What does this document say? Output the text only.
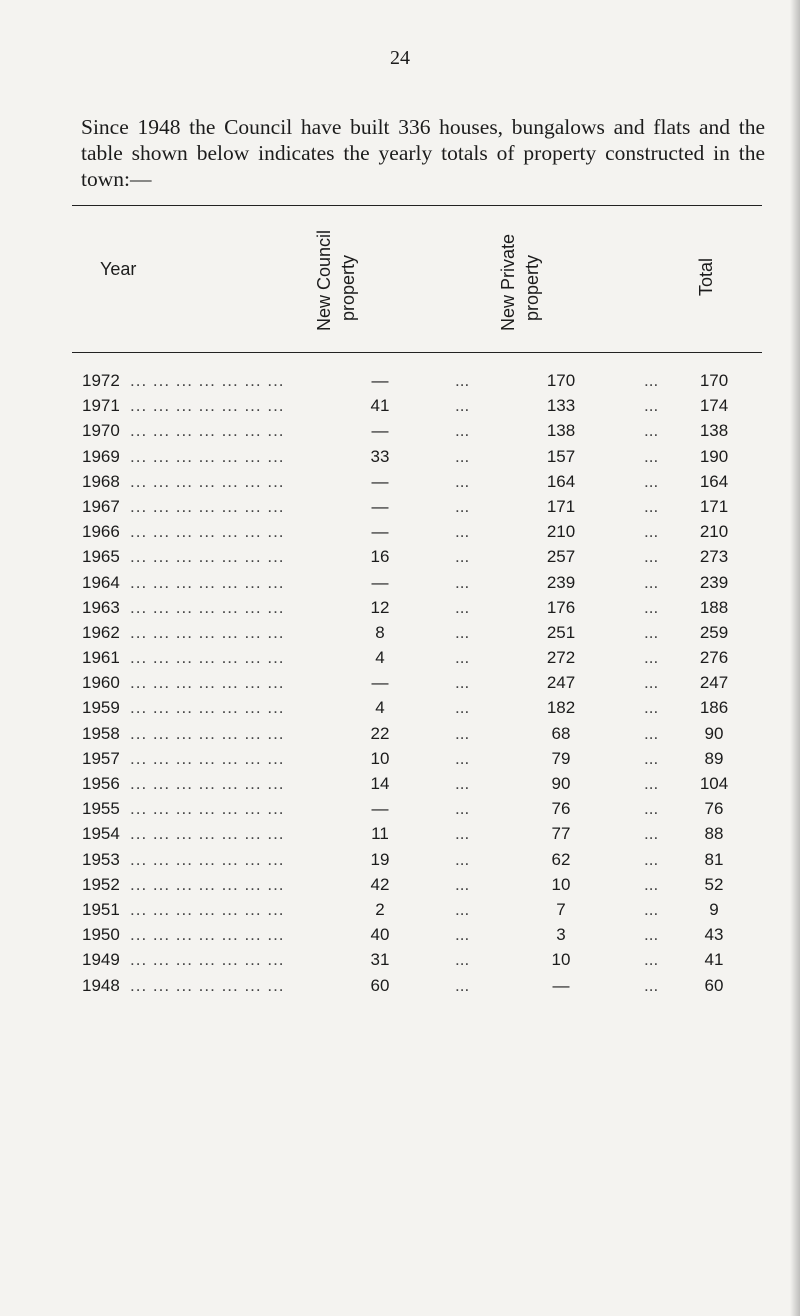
24

Since 1948 the Council have built 336 houses, bungalows and flats and the table shown below indicates the yearly totals of property constructed in the town:—

Year	New Council property	New Private property	Total
1972 ... ... ... ... ... ... ...	—	...	170	...	170
1971 ... ... ... ... ... ... ...	41	...	133	...	174
1970 ... ... ... ... ... ... ...	—	...	138	...	138
1969 ... ... ... ... ... ... ...	33	...	157	...	190
1968 ... ... ... ... ... ... ...	—	...	164	...	164
1967 ... ... ... ... ... ... ...	—	...	171	...	171
1966 ... ... ... ... ... ... ...	—	...	210	...	210
1965 ... ... ... ... ... ... ...	16	...	257	...	273
1964 ... ... ... ... ... ... ...	—	...	239	...	239
1963 ... ... ... ... ... ... ...	12	...	176	...	188
1962 ... ... ... ... ... ... ...	8	...	251	...	259
1961 ... ... ... ... ... ... ...	4	...	272	...	276
1960 ... ... ... ... ... ... ...	—	...	247	...	247
1959 ... ... ... ... ... ... ...	4	...	182	...	186
1958 ... ... ... ... ... ... ...	22	...	68	...	90
1957 ... ... ... ... ... ... ...	10	...	79	...	89
1956 ... ... ... ... ... ... ...	14	...	90	...	104
1955 ... ... ... ... ... ... ...	—	...	76	...	76
1954 ... ... ... ... ... ... ...	11	...	77	...	88
1953 ... ... ... ... ... ... ...	19	...	62	...	81
1952 ... ... ... ... ... ... ...	42	...	10	...	52
1951 ... ... ... ... ... ... ...	2	...	7	...	9
1950 ... ... ... ... ... ... ...	40	...	3	...	43
1949 ... ... ... ... ... ... ...	31	...	10	...	41
1948 ... ... ... ... ... ... ...	60	...	—	...	60
